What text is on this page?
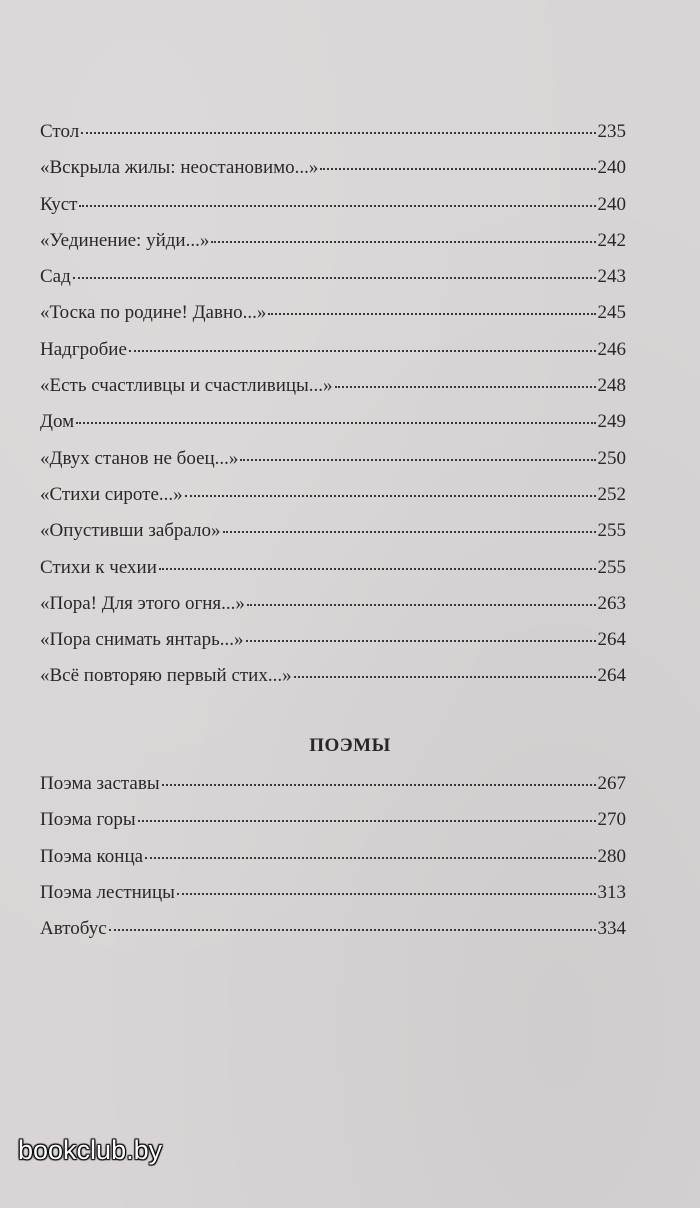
Стол	235
«Вскрыла жилы: неостановимо...»	240
Куст	240
«Уединение: уйди...»	242
Сад	243
«Тоска по родине! Давно...»	245
Надгробие	246
«Есть счастливцы и счастливицы...»	248
Дом	249
«Двух станов не боец...»	250
«Стихи сироте...»	252
«Опустивши забрало»	255
Стихи к чехии	255
«Пора! Для этого огня...»	263
«Пора снимать янтарь...»	264
«Всё повторяю первый стих...»	264
ПОЭМЫ
Поэма заставы	267
Поэма горы	270
Поэма конца	280
Поэма лестницы	313
Автобус	334
bookclub.by
